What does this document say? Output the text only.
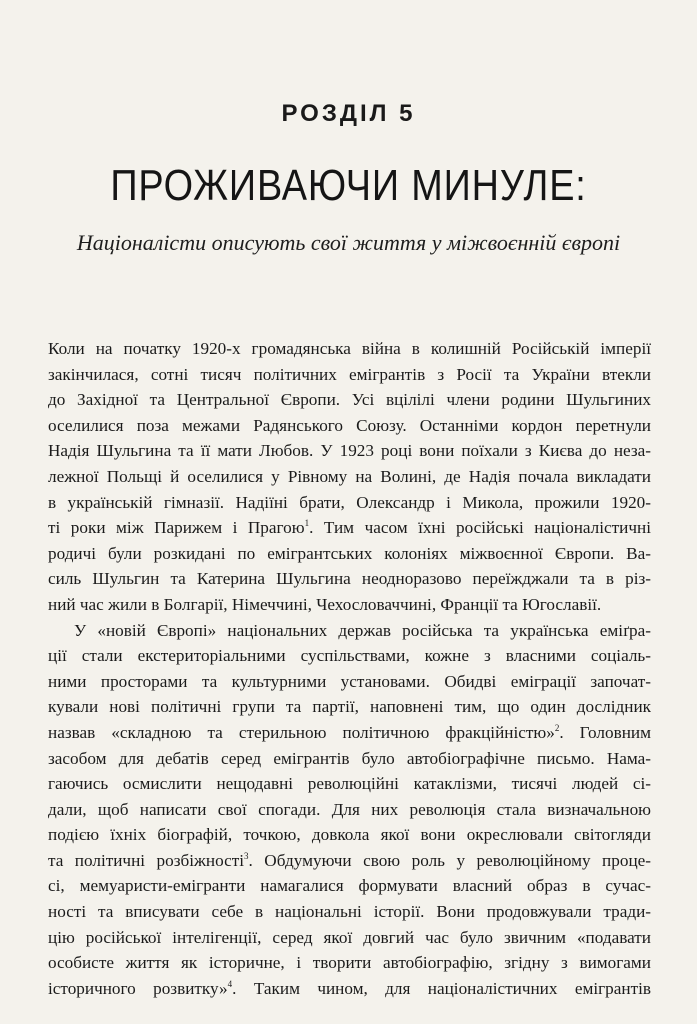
РОЗДІЛ 5
ПРОЖИВАЮЧИ МИНУЛЕ:
Націоналісти описують свої життя у міжвоєнній європі
Коли на початку 1920-х громадянська війна в колишній Російській імперії
закінчилася, сотні тисяч політичних емігрантів з Росії та України втекли
до Західної та Центральної Європи. Усі вцілілі члени родини Шульгиних
оселилися поза межами Радянського Союзу. Останніми кордон перетнули
Надія Шульгина та її мати Любов. У 1923 році вони поїхали з Києва до неза-
лежної Польщі й оселилися у Рівному на Волині, де Надія почала викладати
в українській гімназії. Надіїні брати, Олександр і Микола, прожили 1920-
ті роки між Парижем і Прагою$^1$. Тим часом їхні російські націоналістичні
родичі були розкидані по емігрантських колоніях міжвоєнної Європи. Ва-
силь Шульгин та Катерина Шульгина неодноразово переїжджали та в різ-
ний час жили в Болгарії, Німеччині, Чехословаччині, Франції та Югославії.
У «новій Європі» національних держав російська та українська еміґра-
ції стали екстериторіальними суспільствами, кожне з власними соціаль-
ними просторами та культурними установами. Обидві еміграції започат-
кували нові політичні групи та партії, наповнені тим, що один дослідник
назвав «складною та стерильною політичною фракційністю»$^2$. Головним
засобом для дебатів серед емігрантів було автобіографічне письмо. Нама-
гаючись осмислити нещодавні революційні катаклізми, тисячі людей сі-
дали, щоб написати свої спогади. Для них революція стала визначальною
подією їхніх біографій, точкою, довкола якої вони окреслювали світогляди
та політичні розбіжності$^3$. Обдумуючи свою роль у революційному проце-
сі, мемуаристи-емігранти намагалися формувати власний образ в сучас-
ності та вписувати себе в національні історії. Вони продовжували тради-
цію російської інтелігенції, серед якої довгий час було звичним «подавати
особисте життя як історичне, і творити автобіографію, згідну з вимогами
історичного розвитку»$^4$. Таким чином, для націоналістичних емігрантів
